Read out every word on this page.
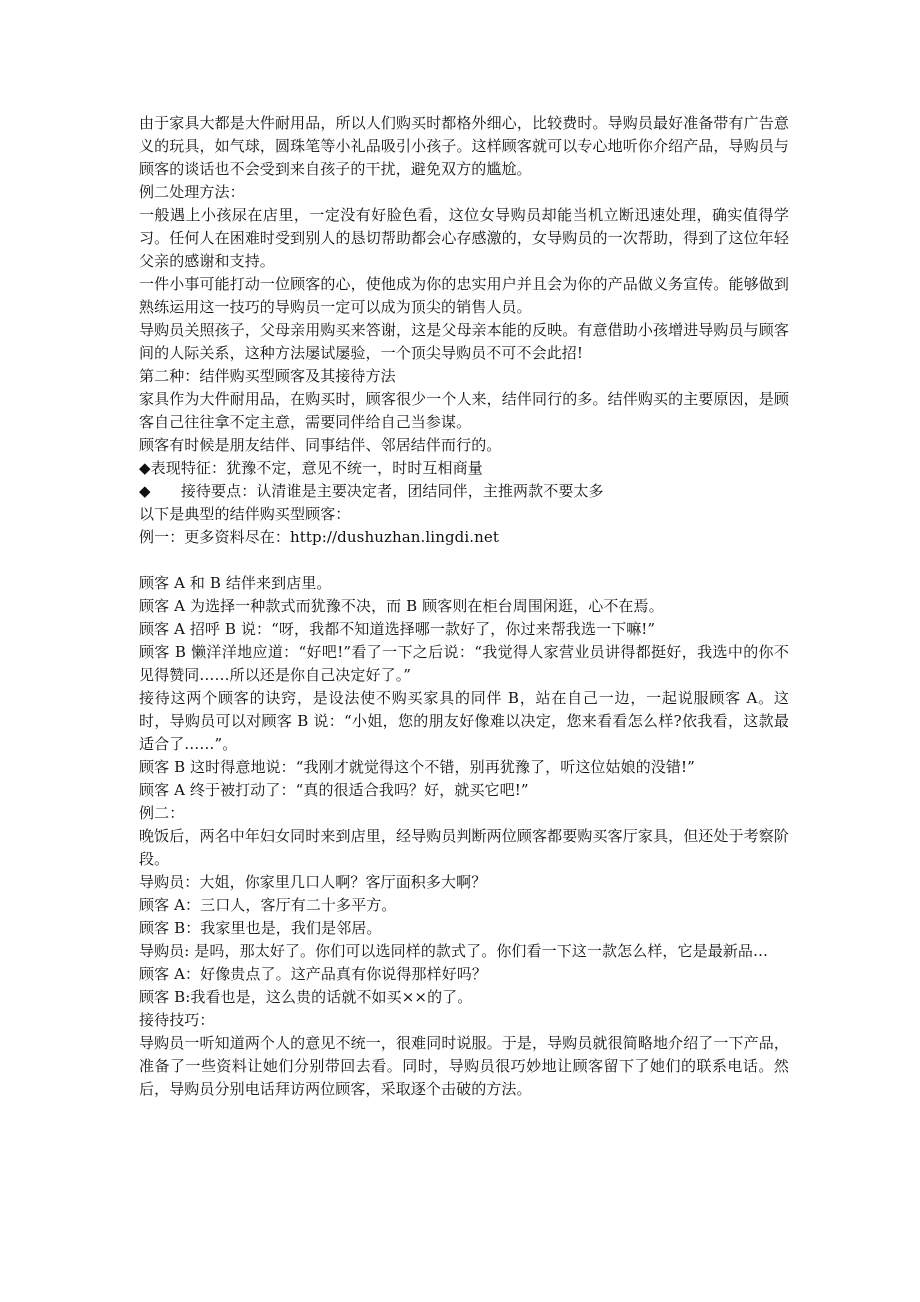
由于家具大都是大件耐用品，所以人们购买时都格外细心，比较费时。导购员最好准备带有广告意义的玩具，如气球，圆珠笔等小礼品吸引小孩子。这样顾客就可以专心地听你介绍产品，导购员与顾客的谈话也不会受到来自孩子的干扰，避免双方的尴尬。

例二处理方法：

一般遇上小孩尿在店里，一定没有好脸色看，这位女导购员却能当机立断迅速处理，确实值得学习。任何人在困难时受到别人的恳切帮助都会心存感激的，女导购员的一次帮助，得到了这位年轻父亲的感谢和支持。

一件小事可能打动一位顾客的心，使他成为你的忠实用户并且会为你的产品做义务宣传。能够做到熟练运用这一技巧的导购员一定可以成为顶尖的销售人员。

导购员关照孩子，父母亲用购买来答谢，这是父母亲本能的反映。有意借助小孩增进导购员与顾客间的人际关系，这种方法屡试屡验，一个顶尖导购员不可不会此招!

第二种：结伴购买型顾客及其接待方法

家具作为大件耐用品，在购买时，顾客很少一个人来，结伴同行的多。结伴购买的主要原因，是顾客自己往往拿不定主意，需要同伴给自己当参谋。

顾客有时候是朋友结伴、同事结伴、邻居结伴而行的。

◆表现特征：犹豫不定，意见不统一，时时互相商量

◆　　接待要点：认清谁是主要决定者，团结同伴，主推两款不要太多

以下是典型的结伴购买型顾客：

例一：更多资料尽在：http://dushuzhan.lingdi.net

顾客 A 和 B 结伴来到店里。

顾客 A 为选择一种款式而犹豫不决，而 B 顾客则在柜台周围闲逛，心不在焉。

顾客 A 招呼 B 说：“呀，我都不知道选择哪一款好了，你过来帮我选一下嘛!”

顾客 B 懒洋洋地应道：“好吧!”看了一下之后说：“我觉得人家营业员讲得都挺好，我选中的你不见得赞同……所以还是你自己决定好了。”

接待这两个顾客的诀窍，是设法使不购买家具的同伴 B，站在自己一边，一起说服顾客 A。这时，导购员可以对顾客 B 说：“小姐，您的朋友好像难以决定，您来看看怎么样?依我看，这款最适合了……”。

顾客 B 这时得意地说：“我刚才就觉得这个不错，别再犹豫了，听这位姑娘的没错!”

顾客 A 终于被打动了：“真的很适合我吗？好，就买它吧!”

例二：

晚饭后，两名中年妇女同时来到店里，经导购员判断两位顾客都要购买客厅家具，但还处于考察阶段。

导购员：大姐，你家里几口人啊？客厅面积多大啊？

顾客 A：三口人，客厅有二十多平方。

顾客 B：我家里也是，我们是邻居。

导购员: 是吗，那太好了。你们可以选同样的款式了。你们看一下这一款怎么样，它是最新品…

顾客 A：好像贵点了。这产品真有你说得那样好吗？

顾客 B:我看也是，这么贵的话就不如买××的了。

接待技巧：

导购员一听知道两个人的意见不统一，很难同时说服。于是，导购员就很简略地介绍了一下产品，准备了一些资料让她们分别带回去看。同时，导购员很巧妙地让顾客留下了她们的联系电话。然后，导购员分别电话拜访两位顾客，采取逐个击破的方法。
